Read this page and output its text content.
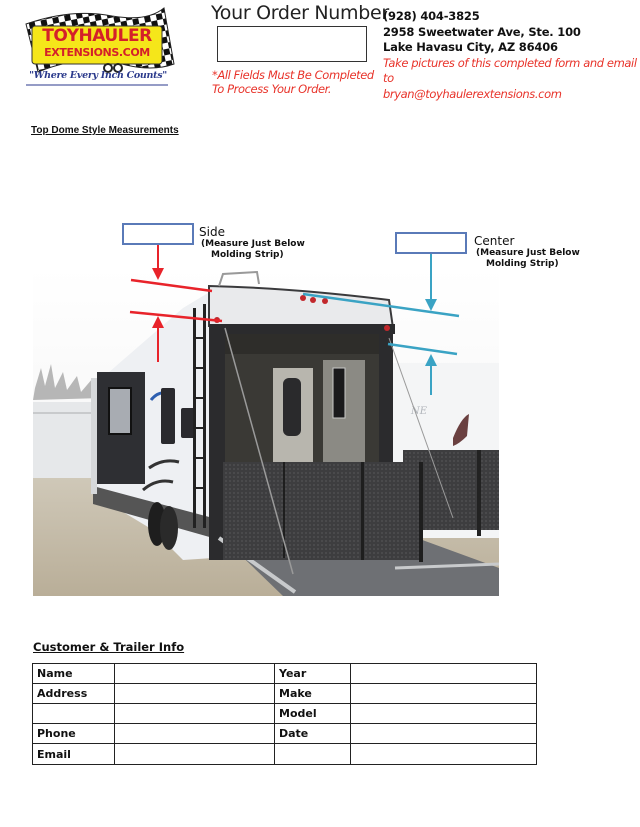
TOYHAULER
EXTENSIONS.COM
"Where Every Inch Counts"
Your Order Number
*All Fields Must Be Completed
To Process Your Order.
(928) 404-3825
2958 Sweetwater Ave, Ste. 100
Lake Havasu City, AZ 86406
Take pictures of this completed form and email to
bryan@toyhaulerextensions.com
Top Dome Style Measurements
NE
Side
(Measure Just Below
Molding Strip)
Center
(Measure Just Below
Molding Strip)
Customer & Trailer Info
Name		Year	
Address		Make	
		Model	
Phone		Date	
Email			
